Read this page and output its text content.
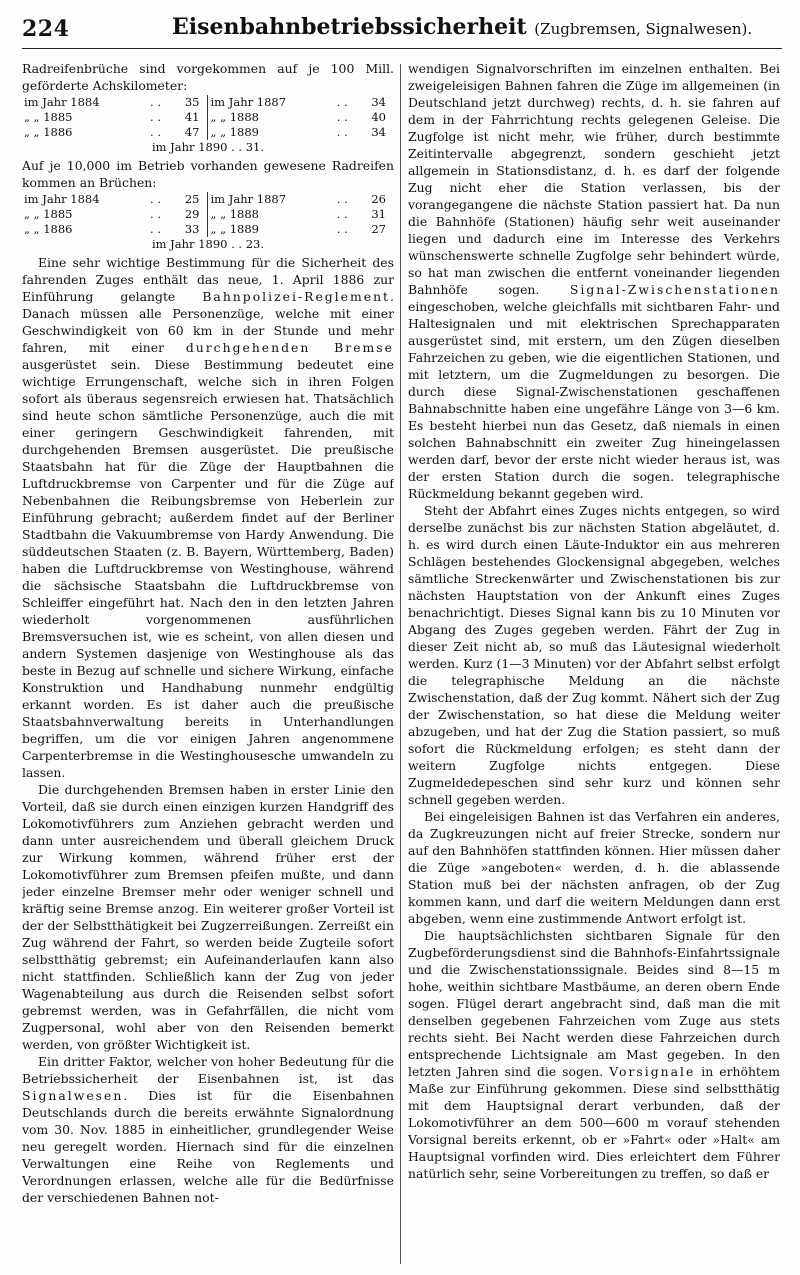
224	Eisenbahnbetriebssicherheit (Zugbremsen, Signalwesen).

Radreifenbrüche sind vorgekommen auf je 100 Mill. geförderte Achskilometer:

im Jahr 1884	. .	35	im Jahr 1887	. .	34
„ „ 1885	. .	41	„ „ 1888	. .	40
„ „ 1886	. .	47	„ „ 1889	. .	34
im Jahr 1890 . . 31.

Auf je 10,000 im Betrieb vorhanden gewesene Radreifen kommen an Brüchen:

im Jahr 1884	. .	25	im Jahr 1887	. .	26
„ „ 1885	. .	29	„ „ 1888	. .	31
„ „ 1886	. .	33	„ „ 1889	. .	27
im Jahr 1890 . . 23.

Eine sehr wichtige Bestimmung für die Sicherheit des fahrenden Zuges enthält das neue, 1. April 1886 zur Einführung gelangte Bahnpolizei-Reglement. Danach müssen alle Personenzüge, welche mit einer Geschwindigkeit von 60 km in der Stunde und mehr fahren, mit einer durchgehenden Bremse ausgerüstet sein. Diese Bestimmung bedeutet eine wichtige Errungenschaft, welche sich in ihren Folgen sofort als überaus segensreich erwiesen hat. Thatsächlich sind heute schon sämtliche Personenzüge, auch die mit einer geringern Geschwindigkeit fahrenden, mit durchgehenden Bremsen ausgerüstet. Die preußische Staatsbahn hat für die Züge der Hauptbahnen die Luftdruckbremse von Carpenter und für die Züge auf Nebenbahnen die Reibungsbremse von Heberlein zur Einführung gebracht; außerdem findet auf der Berliner Stadtbahn die Vakuumbremse von Hardy Anwendung. Die süddeutschen Staaten (z. B. Bayern, Württemberg, Baden) haben die Luftdruckbremse von Westinghouse, während die sächsische Staatsbahn die Luftdruckbremse von Schleiffer eingeführt hat. Nach den in den letzten Jahren wiederholt vorgenommenen ausführlichen Bremsversuchen ist, wie es scheint, von allen diesen und andern Systemen dasjenige von Westinghouse als das beste in Bezug auf schnelle und sichere Wirkung, einfache Konstruktion und Handhabung nunmehr endgültig erkannt worden. Es ist daher auch die preußische Staatsbahnverwaltung bereits in Unterhandlungen begriffen, um die vor einigen Jahren angenommene Carpenterbremse in die Westinghousesche umwandeln zu lassen.

Die durchgehenden Bremsen haben in erster Linie den Vorteil, daß sie durch einen einzigen kurzen Handgriff des Lokomotivführers zum Anziehen gebracht werden und dann unter ausreichendem und überall gleichem Druck zur Wirkung kommen, während früher erst der Lokomotivführer zum Bremsen pfeifen mußte, und dann jeder einzelne Bremser mehr oder weniger schnell und kräftig seine Bremse anzog. Ein weiterer großer Vorteil ist der der Selbstthätigkeit bei Zugzerreißungen. Zerreißt ein Zug während der Fahrt, so werden beide Zugteile sofort selbstthätig gebremst; ein Aufeinanderlaufen kann also nicht stattfinden. Schließlich kann der Zug von jeder Wagenabteilung aus durch die Reisenden selbst sofort gebremst werden, was in Gefahrfällen, die nicht vom Zugpersonal, wohl aber von den Reisenden bemerkt werden, von größter Wichtigkeit ist.

Ein dritter Faktor, welcher von hoher Bedeutung für die Betriebssicherheit der Eisenbahnen ist, ist das Signalwesen. Dies ist für die Eisenbahnen Deutschlands durch die bereits erwähnte Signalordnung vom 30. Nov. 1885 in einheitlicher, grundlegender Weise neu geregelt worden. Hiernach sind für die einzelnen Verwaltungen eine Reihe von Reglements und Verordnungen erlassen, welche alle für die Bedürfnisse der verschiedenen Bahnen not-

wendigen Signalvorschriften im einzelnen enthalten. Bei zweigeleisigen Bahnen fahren die Züge im allgemeinen (in Deutschland jetzt durchweg) rechts, d. h. sie fahren auf dem in der Fahrrichtung rechts gelegenen Geleise. Die Zugfolge ist nicht mehr, wie früher, durch bestimmte Zeitintervalle abgegrenzt, sondern geschieht jetzt allgemein in Stationsdistanz, d. h. es darf der folgende Zug nicht eher die Station verlassen, bis der vorangegangene die nächste Station passiert hat. Da nun die Bahnhöfe (Stationen) häufig sehr weit auseinander liegen und dadurch eine im Interesse des Verkehrs wünschenswerte schnelle Zugfolge sehr behindert würde, so hat man zwischen die entfernt voneinander liegenden Bahnhöfe sogen. Signal-Zwischenstationen eingeschoben, welche gleichfalls mit sichtbaren Fahr- und Haltesignalen und mit elektrischen Sprechapparaten ausgerüstet sind, mit erstern, um den Zügen dieselben Fahrzeichen zu geben, wie die eigentlichen Stationen, und mit letztern, um die Zugmeldungen zu besorgen. Die durch diese Signal-Zwischenstationen geschaffenen Bahnabschnitte haben eine ungefähre Länge von 3—6 km. Es besteht hierbei nun das Gesetz, daß niemals in einen solchen Bahnabschnitt ein zweiter Zug hineingelassen werden darf, bevor der erste nicht wieder heraus ist, was der ersten Station durch die sogen. telegraphische Rückmeldung bekannt gegeben wird.

Steht der Abfahrt eines Zuges nichts entgegen, so wird derselbe zunächst bis zur nächsten Station abgeläutet, d. h. es wird durch einen Läute-Induktor ein aus mehreren Schlägen bestehendes Glockensignal abgegeben, welches sämtliche Streckenwärter und Zwischenstationen bis zur nächsten Hauptstation von der Ankunft eines Zuges benachrichtigt. Dieses Signal kann bis zu 10 Minuten vor Abgang des Zuges gegeben werden. Fährt der Zug in dieser Zeit nicht ab, so muß das Läutesignal wiederholt werden. Kurz (1—3 Minuten) vor der Abfahrt selbst erfolgt die telegraphische Meldung an die nächste Zwischenstation, daß der Zug kommt. Nähert sich der Zug der Zwischenstation, so hat diese die Meldung weiter abzugeben, und hat der Zug die Station passiert, so muß sofort die Rückmeldung erfolgen; es steht dann der weitern Zugfolge nichts entgegen. Diese Zugmeldedepeschen sind sehr kurz und können sehr schnell gegeben werden.

Bei eingeleisigen Bahnen ist das Verfahren ein anderes, da Zugkreuzungen nicht auf freier Strecke, sondern nur auf den Bahnhöfen stattfinden können. Hier müssen daher die Züge »angeboten« werden, d. h. die ablassende Station muß bei der nächsten anfragen, ob der Zug kommen kann, und darf die weitern Meldungen dann erst abgeben, wenn eine zustimmende Antwort erfolgt ist.

Die hauptsächlichsten sichtbaren Signale für den Zugbeförderungsdienst sind die Bahnhofs-Einfahrtssignale und die Zwischenstationssignale. Beides sind 8—15 m hohe, weithin sichtbare Mastbäume, an deren obern Ende sogen. Flügel derart angebracht sind, daß man die mit denselben gegebenen Fahrzeichen vom Zuge aus stets rechts sieht. Bei Nacht werden diese Fahrzeichen durch entsprechende Lichtsignale am Mast gegeben. In den letzten Jahren sind die sogen. Vorsignale in erhöhtem Maße zur Einführung gekommen. Diese sind selbstthätig mit dem Hauptsignal derart verbunden, daß der Lokomotivführer an dem 500—600 m vorauf stehenden Vorsignal bereits erkennt, ob er »Fahrt« oder »Halt« am Hauptsignal vorfinden wird. Dies erleichtert dem Führer natürlich sehr, seine Vorbereitungen zu treffen, so daß er
